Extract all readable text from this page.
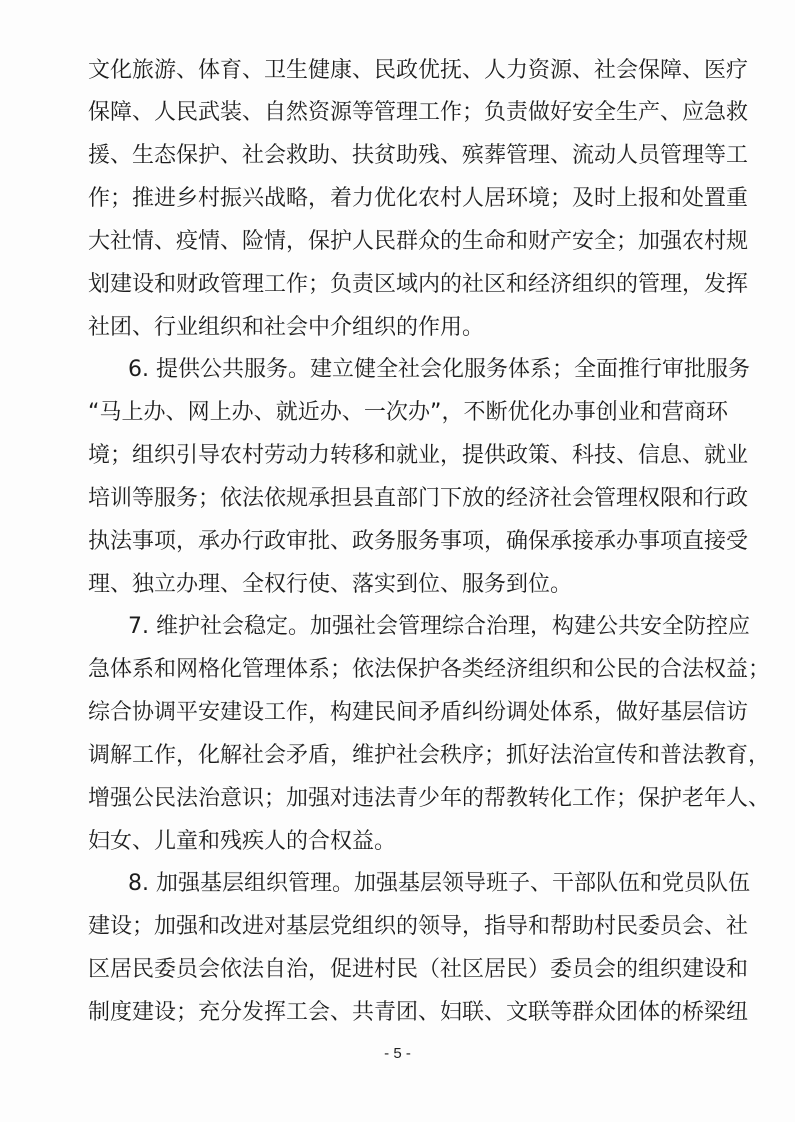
文化旅游、体育、卫生健康、民政优抚、人力资源、社会保障、医疗
保障、人民武装、自然资源等管理工作；负责做好安全生产、应急救
援、生态保护、社会救助、扶贫助残、殡葬管理、流动人员管理等工
作；推进乡村振兴战略，着力优化农村人居环境；及时上报和处置重
大社情、疫情、险情，保护人民群众的生命和财产安全；加强农村规
划建设和财政管理工作；负责区域内的社区和经济组织的管理，发挥
社团、行业组织和社会中介组织的作用。
6. 提供公共服务。建立健全社会化服务体系；全面推行审批服务
“马上办、网上办、就近办、一次办”，不断优化办事创业和营商环
境；组织引导农村劳动力转移和就业，提供政策、科技、信息、就业
培训等服务；依法依规承担县直部门下放的经济社会管理权限和行政
执法事项，承办行政审批、政务服务事项，确保承接承办事项直接受
理、独立办理、全权行使、落实到位、服务到位。
7. 维护社会稳定。加强社会管理综合治理，构建公共安全防控应
急体系和网格化管理体系；依法保护各类经济组织和公民的合法权益；
综合协调平安建设工作，构建民间矛盾纠纷调处体系，做好基层信访
调解工作，化解社会矛盾，维护社会秩序；抓好法治宣传和普法教育，
增强公民法治意识；加强对违法青少年的帮教转化工作；保护老年人、
妇女、儿童和残疾人的合权益。
8. 加强基层组织管理。加强基层领导班子、干部队伍和党员队伍
建设；加强和改进对基层党组织的领导，指导和帮助村民委员会、社
区居民委员会依法自治，促进村民（社区居民）委员会的组织建设和
制度建设；充分发挥工会、共青团、妇联、文联等群众团体的桥梁纽
- 5 -
